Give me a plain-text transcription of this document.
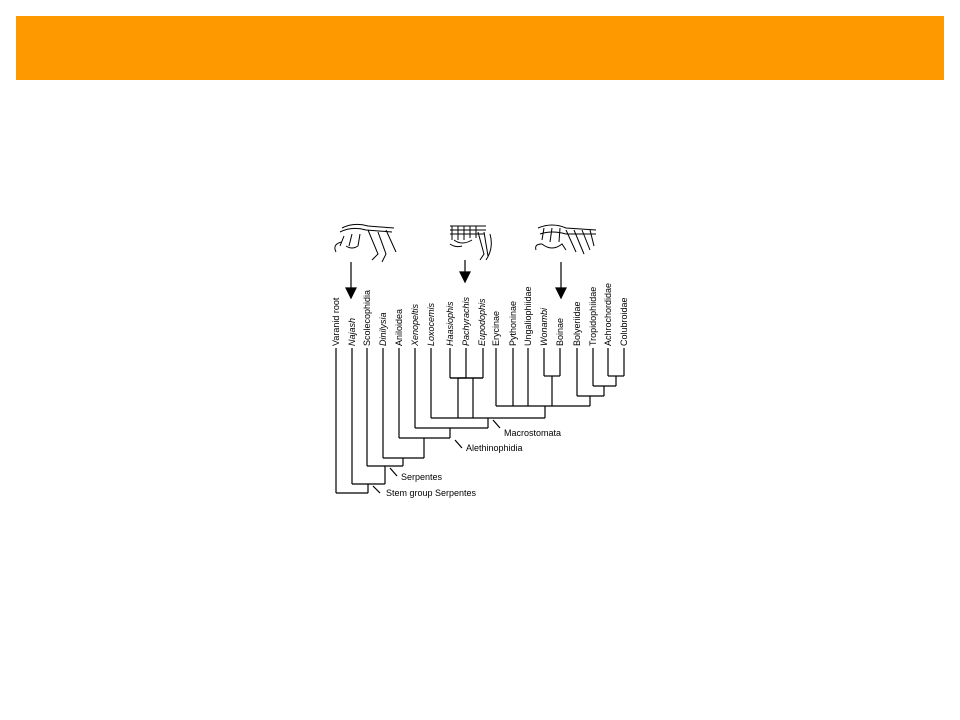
Varanid root Najash Scolecophidia Dinilysia Aniloidea Xenopeltis Loxocemis Haasiophis Pachyrachis Eupodophis Erycinae Pythoninae Ungaliophiidae Wonambi Boinae Bolyeriidae Tropidophiidae Achrochordidae Colubroidae
Macrostomata
Alethinophidia
Serpentes
Stem group Serpentes
